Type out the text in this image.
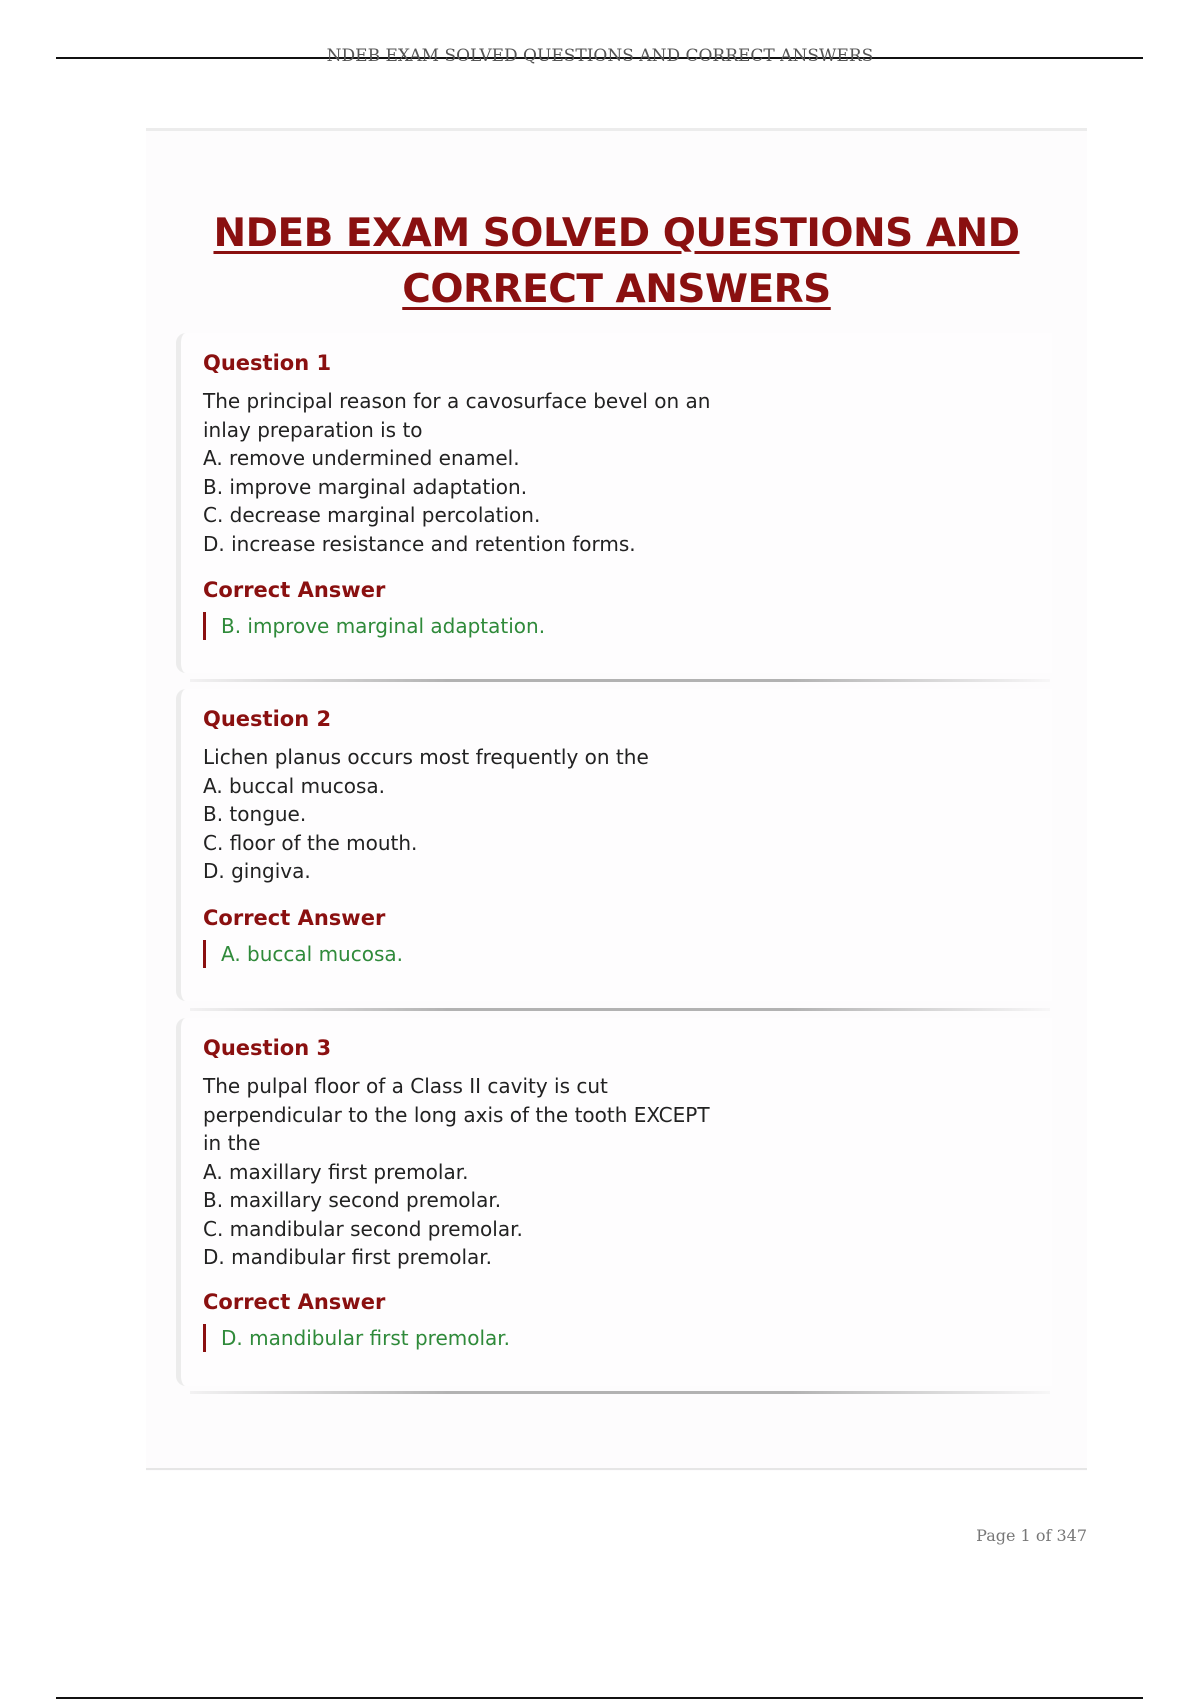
NDEB EXAM SOLVED QUESTIONS AND CORRECT ANSWERS
NDEB EXAM SOLVED QUESTIONS AND
CORRECT ANSWERS
Question 1
The principal reason for a cavosurface bevel on an
inlay preparation is to
A. remove undermined enamel.
B. improve marginal adaptation.
C. decrease marginal percolation.
D. increase resistance and retention forms.
Correct Answer
B. improve marginal adaptation.
Question 2
Lichen planus occurs most frequently on the
A. buccal mucosa.
B. tongue.
C. floor of the mouth.
D. gingiva.
Correct Answer
A. buccal mucosa.
Question 3
The pulpal floor of a Class II cavity is cut
perpendicular to the long axis of the tooth EXCEPT
in the
A. maxillary first premolar.
B. maxillary second premolar.
C. mandibular second premolar.
D. mandibular first premolar.
Correct Answer
D. mandibular first premolar.
Page 1 of 347
